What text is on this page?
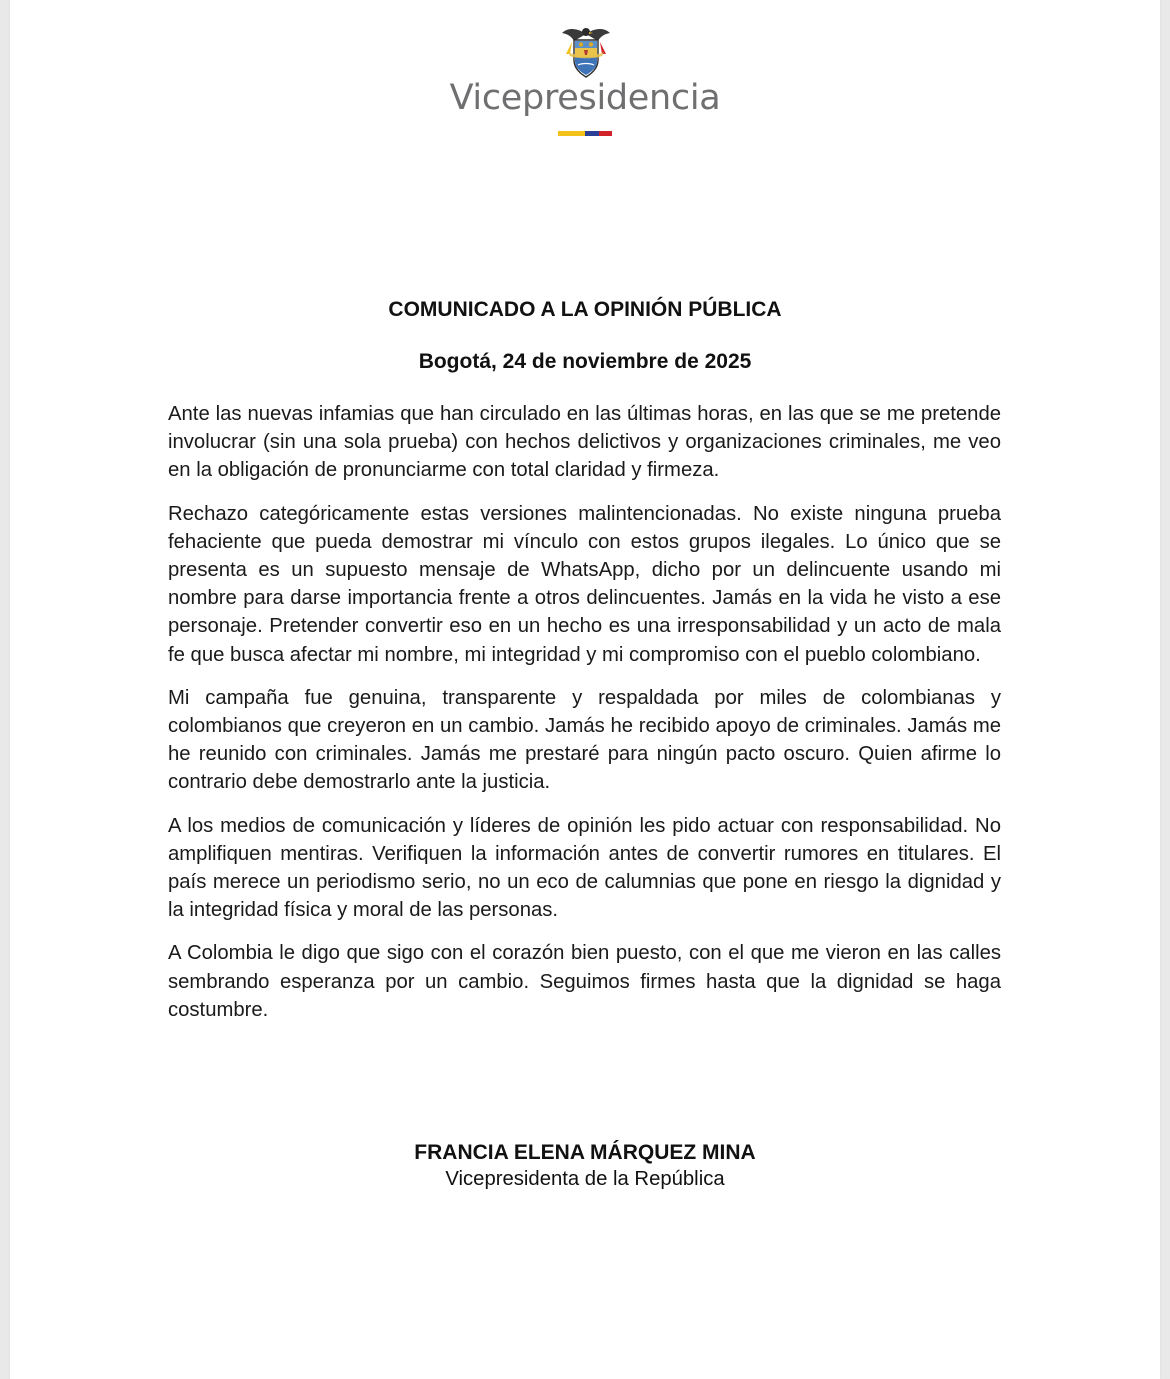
Vicepresidencia
COMUNICADO A LA OPINIÓN PÚBLICA
Bogotá, 24 de noviembre de 2025

Ante las nuevas infamias que han circulado en las últimas horas, en las que se me pretende involucrar (sin una sola prueba) con hechos delictivos y organizaciones criminales, me veo en la obligación de pronunciarme con total claridad y firmeza.

Rechazo categóricamente estas versiones malintencionadas. No existe ninguna prueba fehaciente que pueda demostrar mi vínculo con estos grupos ilegales. Lo único que se presenta es un supuesto mensaje de WhatsApp, dicho por un delincuente usando mi nombre para darse importancia frente a otros delincuentes. Jamás en la vida he visto a ese personaje. Pretender convertir eso en un hecho es una irresponsabilidad y un acto de mala fe que busca afectar mi nombre, mi integridad y mi compromiso con el pueblo colombiano.

Mi campaña fue genuina, transparente y respaldada por miles de colombianas y colombianos que creyeron en un cambio. Jamás he recibido apoyo de criminales. Jamás me he reunido con criminales. Jamás me prestaré para ningún pacto oscuro. Quien afirme lo contrario debe demostrarlo ante la justicia.

A los medios de comunicación y líderes de opinión les pido actuar con responsabilidad. No amplifiquen mentiras. Verifiquen la información antes de convertir rumores en titulares. El país merece un periodismo serio, no un eco de calumnias que pone en riesgo la dignidad y la integridad física y moral de las personas.

A Colombia le digo que sigo con el corazón bien puesto, con el que me vieron en las calles sembrando esperanza por un cambio. Seguimos firmes hasta que la dignidad se haga costumbre.

FRANCIA ELENA MÁRQUEZ MINA
Vicepresidenta de la República
